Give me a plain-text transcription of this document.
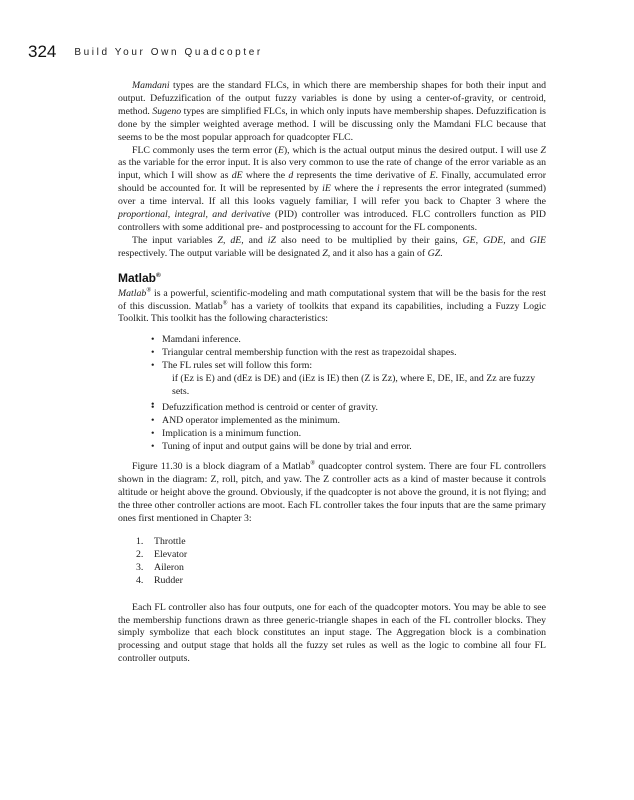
324 Build Your Own Quadcopter

Mamdani types are the standard FLCs, in which there are membership shapes for both their input and output. Defuzzification of the output fuzzy variables is done by using a center-of-gravity, or centroid, method. Sugeno types are simplified FLCs, in which only inputs have membership shapes. Defuzzification is done by the simpler weighted average method. I will be discussing only the Mamdani FLC because that seems to be the most popular approach for quadcopter FLC.

FLC commonly uses the term error (E), which is the actual output minus the desired output. I will use Z as the variable for the error input. It is also very common to use the rate of change of the error variable as an input, which I will show as dE where the d represents the time derivative of E. Finally, accumulated error should be accounted for. It will be represented by iE where the i represents the error integrated (summed) over a time interval. If all this looks vaguely familiar, I will refer you back to Chapter 3 where the proportional, integral, and derivative (PID) controller was introduced. FLC controllers function as PID controllers with some additional pre- and postprocessing to account for the FL components.

The input variables Z, dE, and iZ also need to be multiplied by their gains, GE, GDE, and GIE respectively. The output variable will be designated Z, and it also has a gain of GZ.

Matlab®

Matlab® is a powerful, scientific-modeling and math computational system that will be the basis for the rest of this discussion. Matlab® has a variety of toolkits that expand its capabilities, including a Fuzzy Logic Toolkit. This toolkit has the following characteristics:

• Mamdani inference.
• Triangular central membership function with the rest as trapezoidal shapes.
• The FL rules set will follow this form:
if (Ez is E) and (dEz is DE) and (iEz is IE) then (Z is Zz), where E, DE, IE, and Zz are fuzzy sets.
•
• Defuzzification method is centroid or center of gravity.
• AND operator implemented as the minimum.
• Implication is a minimum function.
• Tuning of input and output gains will be done by trial and error.

Figure 11.30 is a block diagram of a Matlab® quadcopter control system. There are four FL controllers shown in the diagram: Z, roll, pitch, and yaw. The Z controller acts as a kind of master because it controls altitude or height above the ground. Obviously, if the quadcopter is not above the ground, it is not flying; and the three other controller actions are moot. Each FL controller takes the four inputs that are the same primary ones first mentioned in Chapter 3:

1.	Throttle
2.	Elevator
3.	Aileron
4.	Rudder

Each FL controller also has four outputs, one for each of the quadcopter motors. You may be able to see the membership functions drawn as three generic-triangle shapes in each of the FL controller blocks. They simply symbolize that each block constitutes an input stage. The Aggregation block is a combination processing and output stage that holds all the fuzzy set rules as well as the logic to combine all four FL controller outputs.
